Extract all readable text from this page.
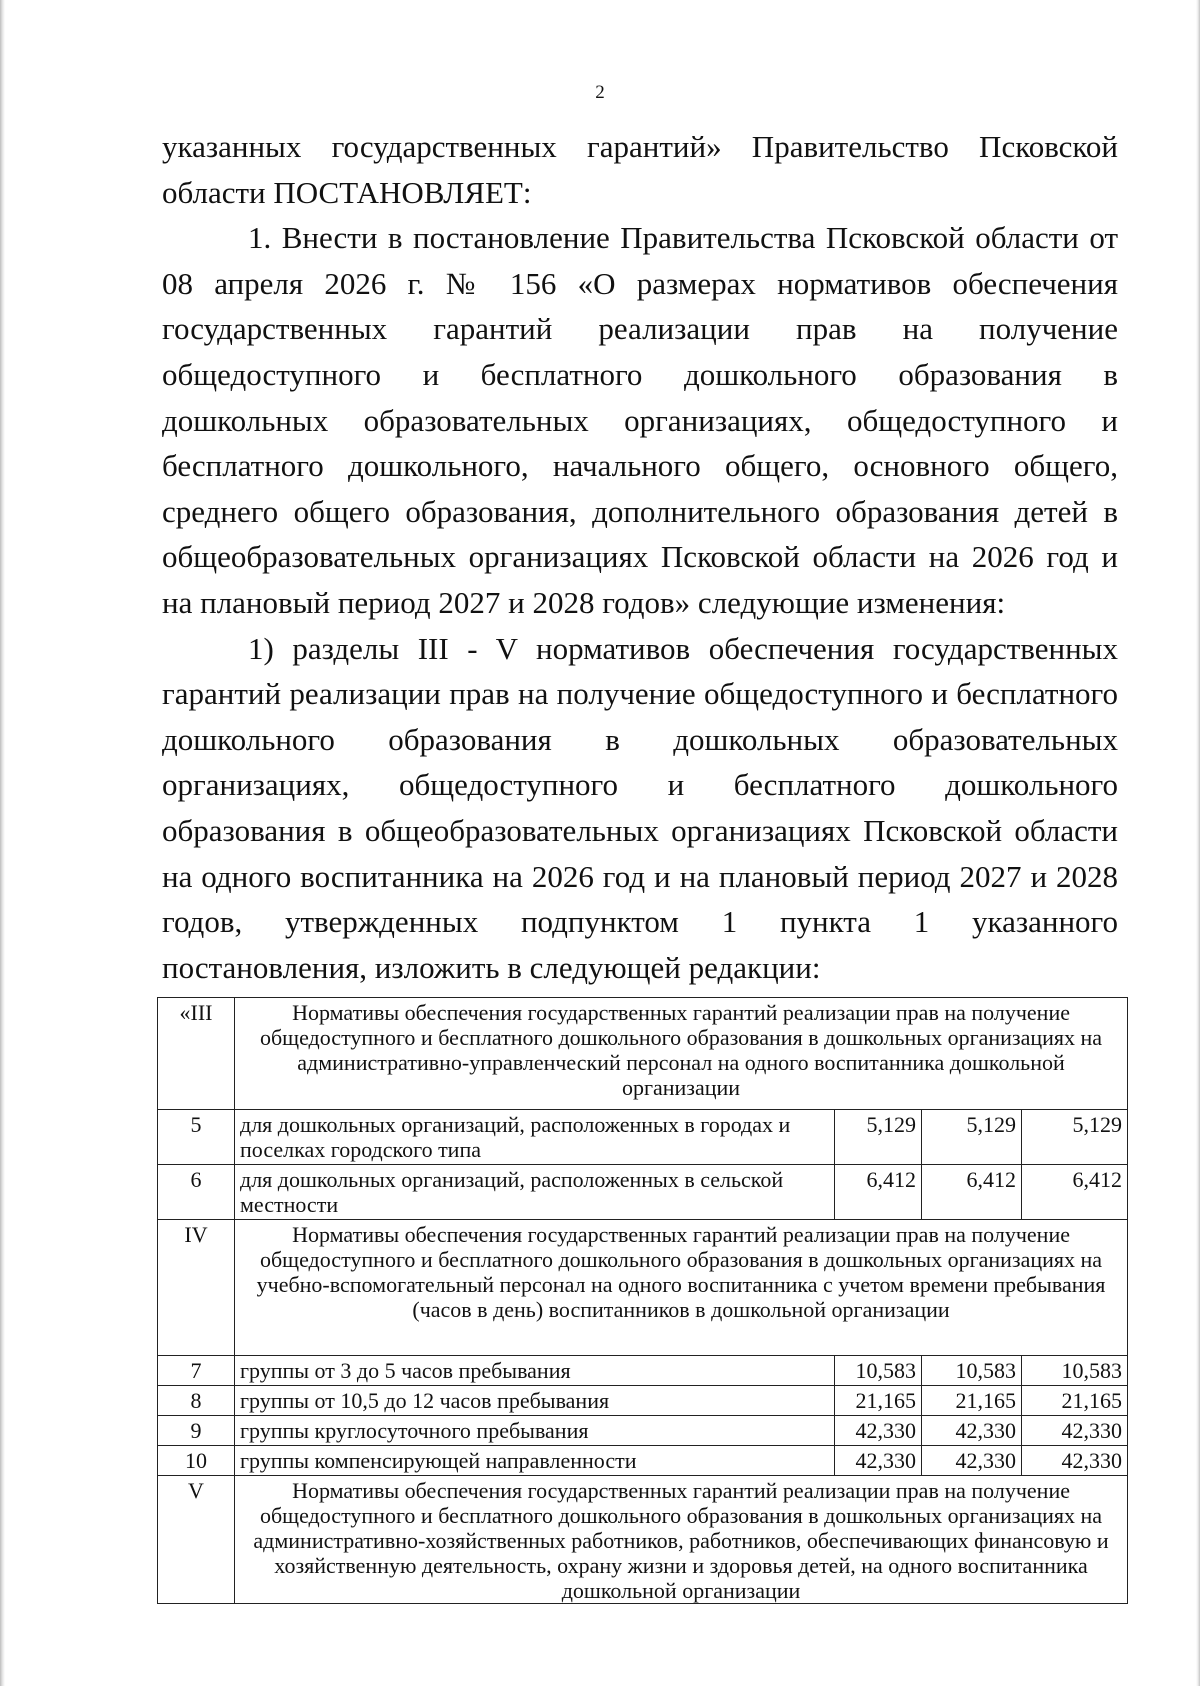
2

указанных государственных гарантий» Правительство Псковской области ПОСТАНОВЛЯЕТ:

1. Внести в постановление Правительства Псковской области от 08 апреля 2026 г. № 156 «О размерах нормативов обеспечения государственных гарантий реализации прав на получение общедоступного и бесплатного дошкольного образования в дошкольных образовательных организациях, общедоступного и бесплатного дошкольного, начального общего, основного общего, среднего общего образования, дополнительного образования детей в общеобразовательных организациях Псковской области на 2026 год и на плановый период 2027 и 2028 годов» следующие изменения:

1) разделы III - V нормативов обеспечения государственных гарантий реализации прав на получение общедоступного и бесплатного дошкольного образования в дошкольных образовательных организациях, общедоступного и бесплатного дошкольного образования в общеобразовательных организациях Псковской области на одного воспитанника на 2026 год и на плановый период 2027 и 2028 годов, утвержденных подпунктом 1 пункта 1 указанного постановления, изложить в следующей редакции:

«III	Нормативы обеспечения государственных гарантий реализации прав на получение общедоступного и бесплатного дошкольного образования в дошкольных организациях на административно-управленческий персонал на одного воспитанника дошкольной организации			
5	для дошкольных организаций, расположенных в городах и поселках городского типа	5,129	5,129	5,129
6	для дошкольных организаций, расположенных в сельской местности	6,412	6,412	6,412
IV	Нормативы обеспечения государственных гарантий реализации прав на получение общедоступного и бесплатного дошкольного образования в дошкольных организациях на учебно-вспомогательный персонал на одного воспитанника с учетом времени пребывания (часов в день) воспитанников в дошкольной организации			
7	группы от 3 до 5 часов пребывания	10,583	10,583	10,583
8	группы от 10,5 до 12 часов пребывания	21,165	21,165	21,165
9	группы круглосуточного пребывания	42,330	42,330	42,330
10	группы компенсирующей направленности	42,330	42,330	42,330
V	Нормативы обеспечения государственных гарантий реализации прав на получение общедоступного и бесплатного дошкольного образования в дошкольных организациях на административно-хозяйственных работников, работников, обеспечивающих финансовую и хозяйственную деятельность, охрану жизни и здоровья детей, на одного воспитанника дошкольной организации			
